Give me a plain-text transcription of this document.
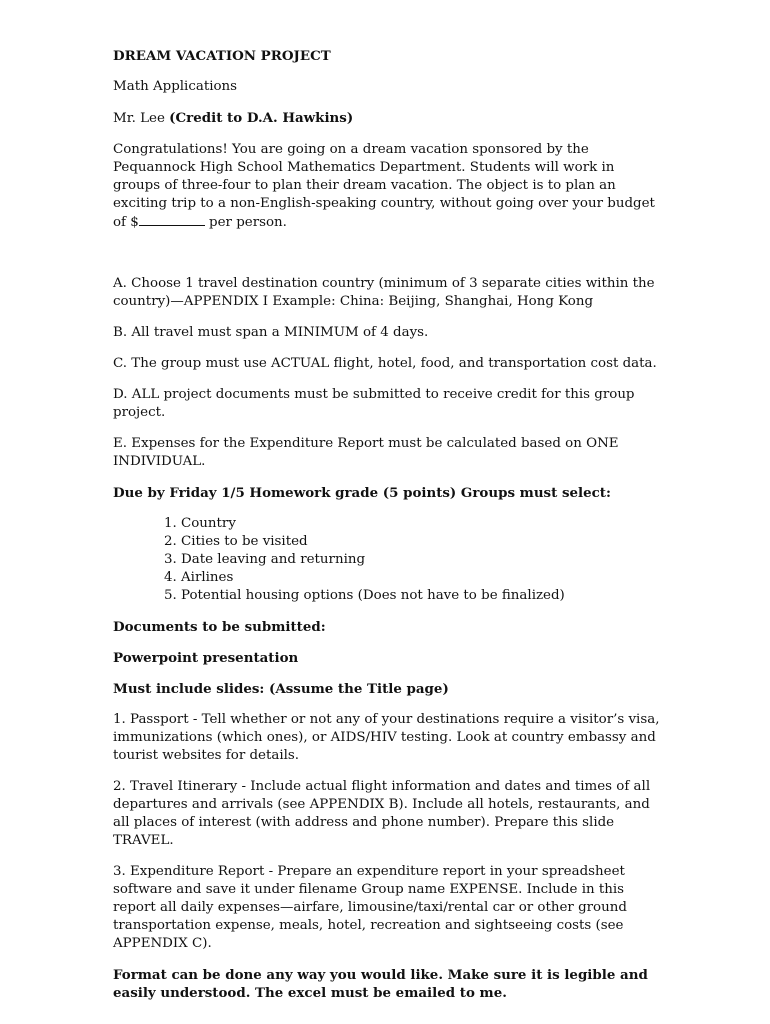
DREAM VACATION PROJECT

Math Applications

Mr. Lee (Credit to D.A. Hawkins)

Congratulations! You are going on a dream vacation sponsored by the Pequannock High School Mathematics Department. Students will work in groups of three-four to plan their dream vacation. The object is to plan an exciting trip to a non-English-speaking country, without going over your budget of $	per person.

A. Choose 1 travel destination country (minimum of 3 separate cities within the country)—APPENDIX I Example: China: Beijing, Shanghai, Hong Kong

B. All travel must span a MINIMUM of 4 days.

C. The group must use ACTUAL flight, hotel, food, and transportation cost data.

D. ALL project documents must be submitted to receive credit for this group project.

E. Expenses for the Expenditure Report must be calculated based on ONE INDIVIDUAL.

Due by Friday 1/5 Homework grade (5 points) Groups must select:

1. Country
2. Cities to be visited
3. Date leaving and returning
4. Airlines
5. Potential housing options (Does not have to be finalized)

Documents to be submitted:

Powerpoint presentation

Must include slides: (Assume the Title page)

1. Passport - Tell whether or not any of your destinations require a visitor’s visa, immunizations (which ones), or AIDS/HIV testing. Look at country embassy and tourist websites for details.

2. Travel Itinerary - Include actual flight information and dates and times of all departures and arrivals (see APPENDIX B). Include all hotels, restaurants, and all places of interest (with address and phone number). Prepare this slide TRAVEL.

3. Expenditure Report - Prepare an expenditure report in your spreadsheet software and save it under filename Group name EXPENSE. Include in this report all daily expenses—airfare, limousine/taxi/rental car or other ground transportation expense, meals, hotel, recreation and sightseeing costs (see APPENDIX C).

Format can be done any way you would like. Make sure it is legible and easily understood. The excel must be emailed to me.
